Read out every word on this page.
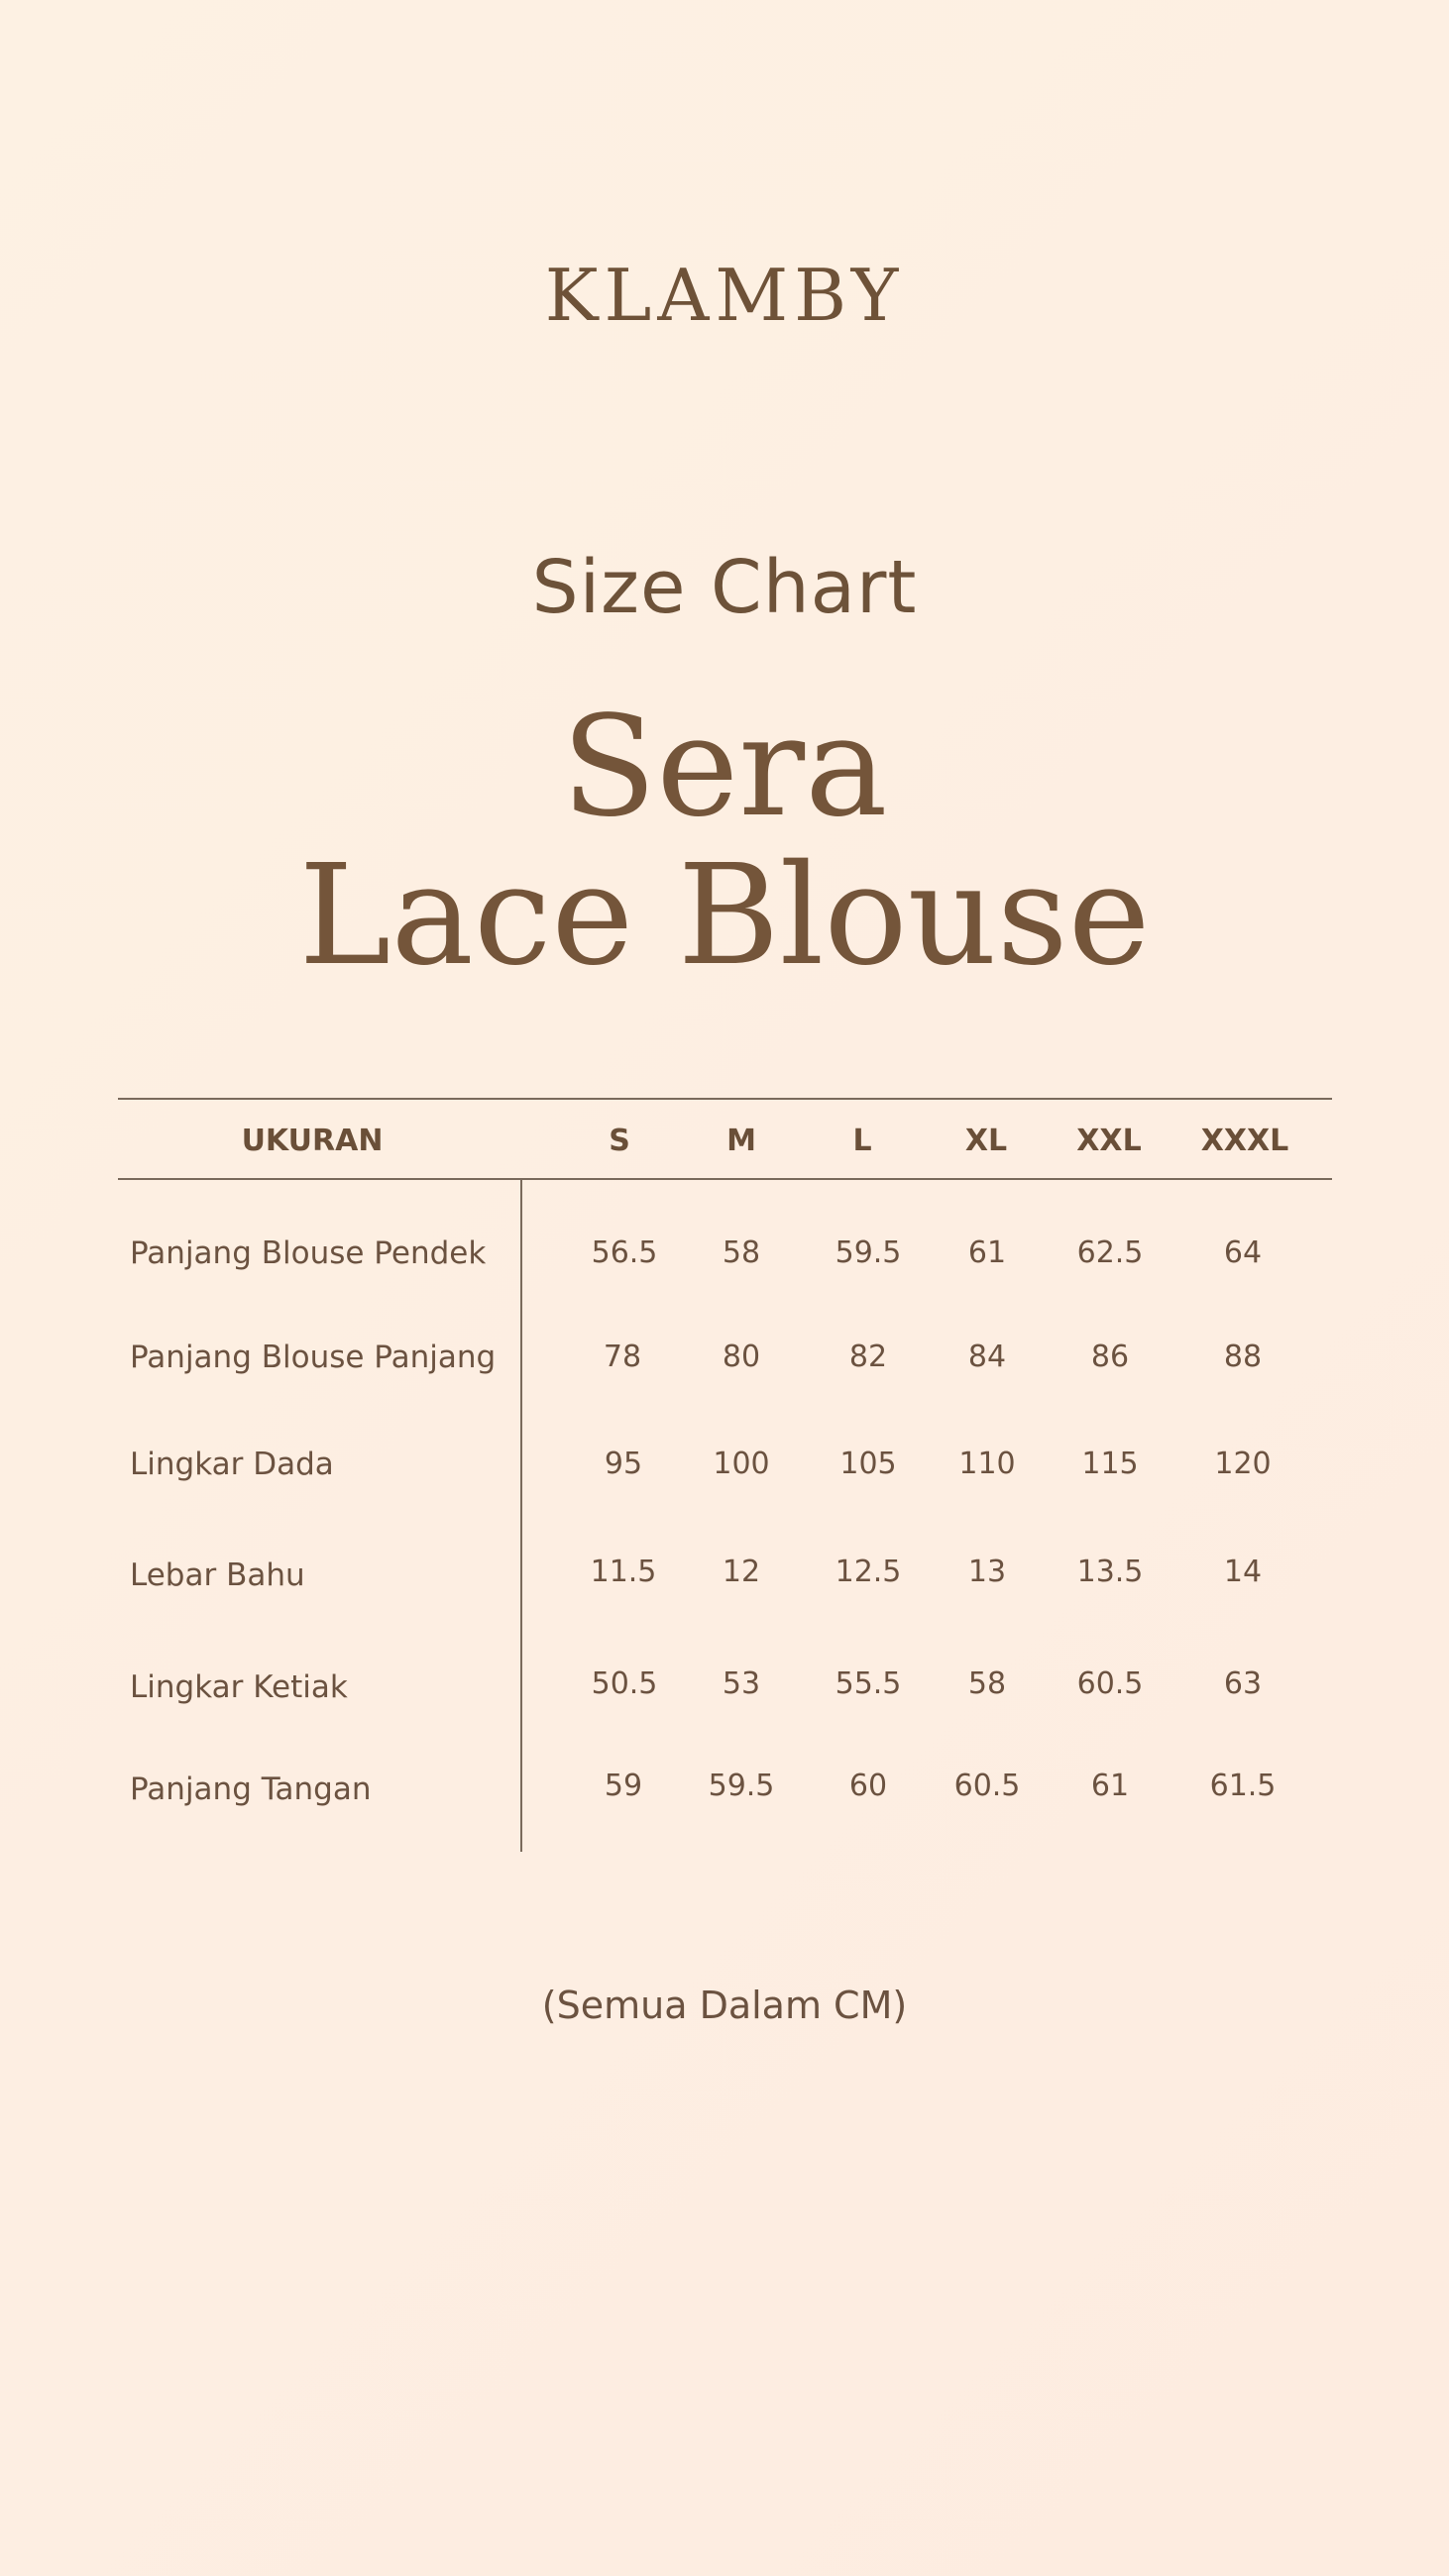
KLAMBY
Size Chart
Sera
Lace Blouse
UKURAN	S	M	L	XL XXL XXXL
Panjang Blouse Pendek	56.5 58	59.5 61 62.5	64
Panjang Blouse Panjang	78	80	82	84	86	88
Lingkar Dada	95 100 105 110 115	120
Lebar Bahu	11.5 12	12.5 13 13.5	14
Lingkar Ketiak	50.5 53	55.5 58 60.5	63
Panjang Tangan	59 59.5	60 60.5 61	61.5
(Semua Dalam CM)
